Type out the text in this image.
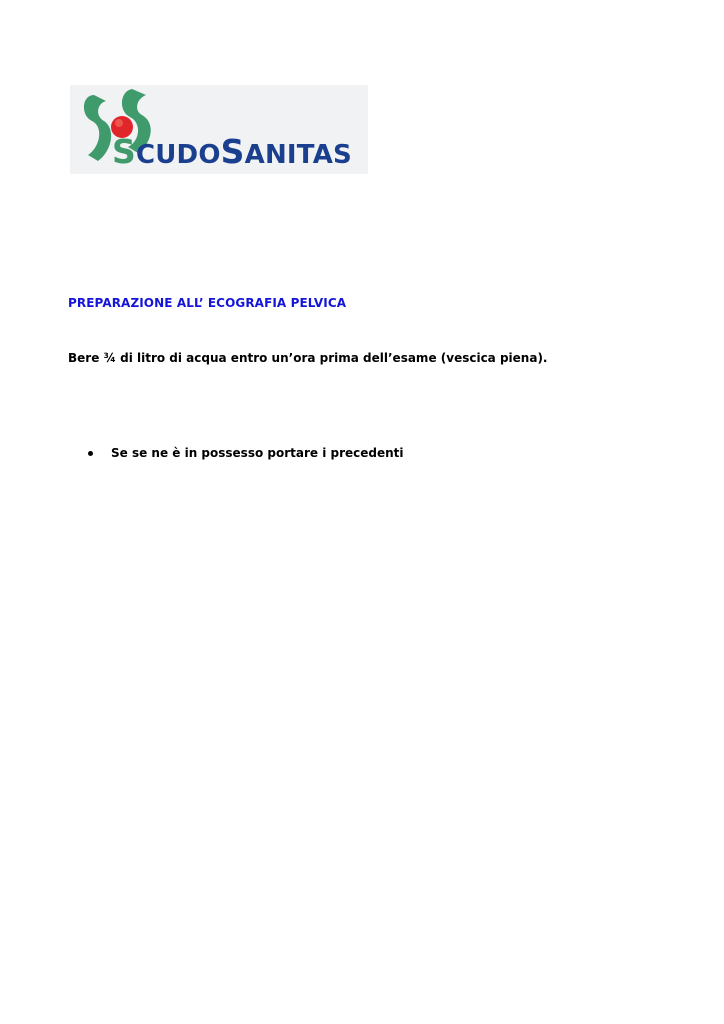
SCUDOSANITAS
PREPARAZIONE ALL’ ECOGRAFIA PELVICA

Bere ¾ di litro di acqua entro un’ora prima dell’esame (vescica piena).

Se se ne è in possesso portare i precedenti
